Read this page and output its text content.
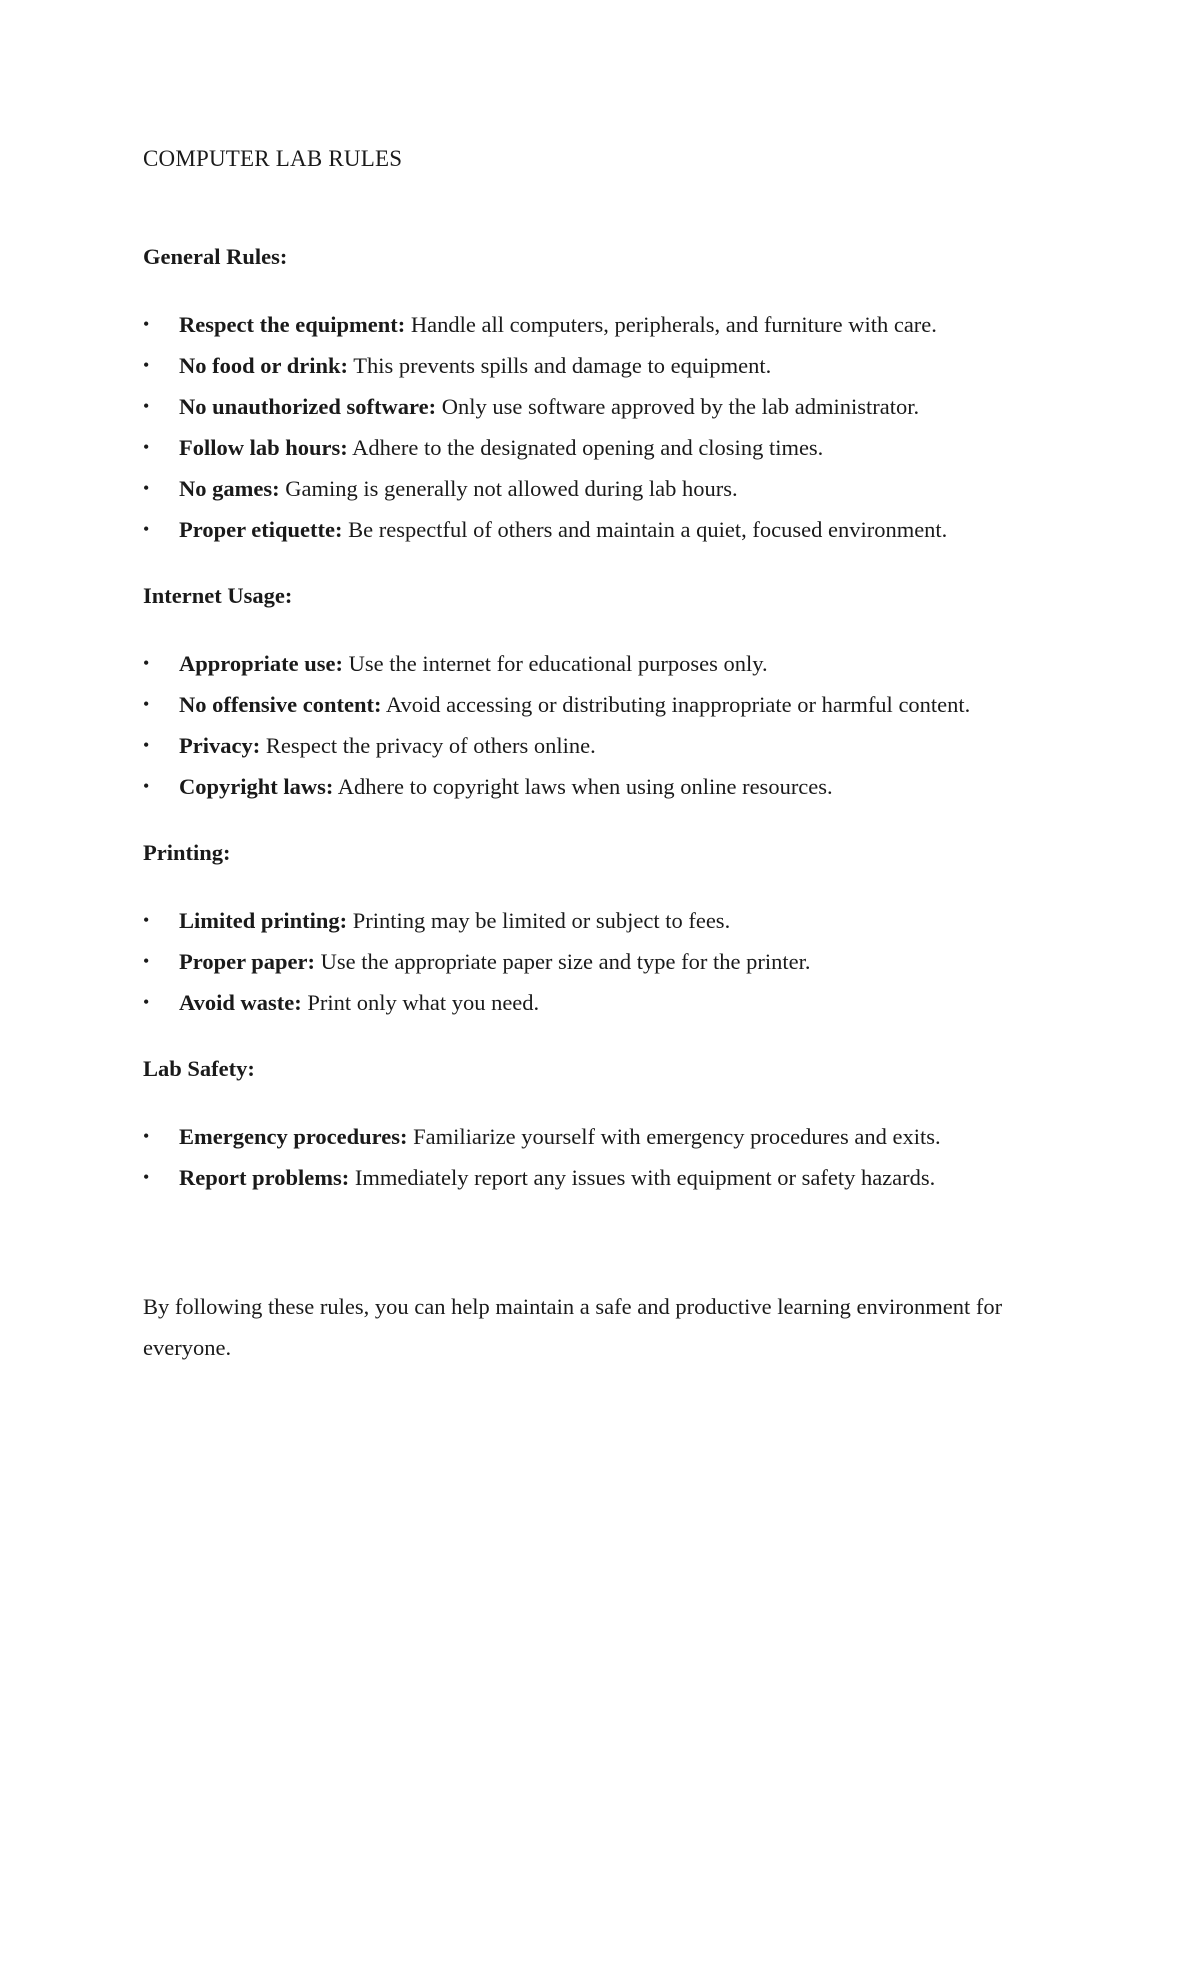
COMPUTER LAB RULES
General Rules:
•	Respect the equipment: Handle all computers, peripherals, and furniture with care.
•	No food or drink: This prevents spills and damage to equipment.
•	No unauthorized software: Only use software approved by the lab administrator.
•	Follow lab hours: Adhere to the designated opening and closing times.
•	No games: Gaming is generally not allowed during lab hours.
•	Proper etiquette: Be respectful of others and maintain a quiet, focused environment.
Internet Usage:
•	Appropriate use: Use the internet for educational purposes only.
•	No offensive content: Avoid accessing or distributing inappropriate or harmful content.
•	Privacy: Respect the privacy of others online.
•	Copyright laws: Adhere to copyright laws when using online resources.
Printing:
•	Limited printing: Printing may be limited or subject to fees.
•	Proper paper: Use the appropriate paper size and type for the printer.
•	Avoid waste: Print only what you need.
Lab Safety:
•	Emergency procedures: Familiarize yourself with emergency procedures and exits.
•	Report problems: Immediately report any issues with equipment or safety hazards.

By following these rules, you can help maintain a safe and productive learning environment for everyone.
